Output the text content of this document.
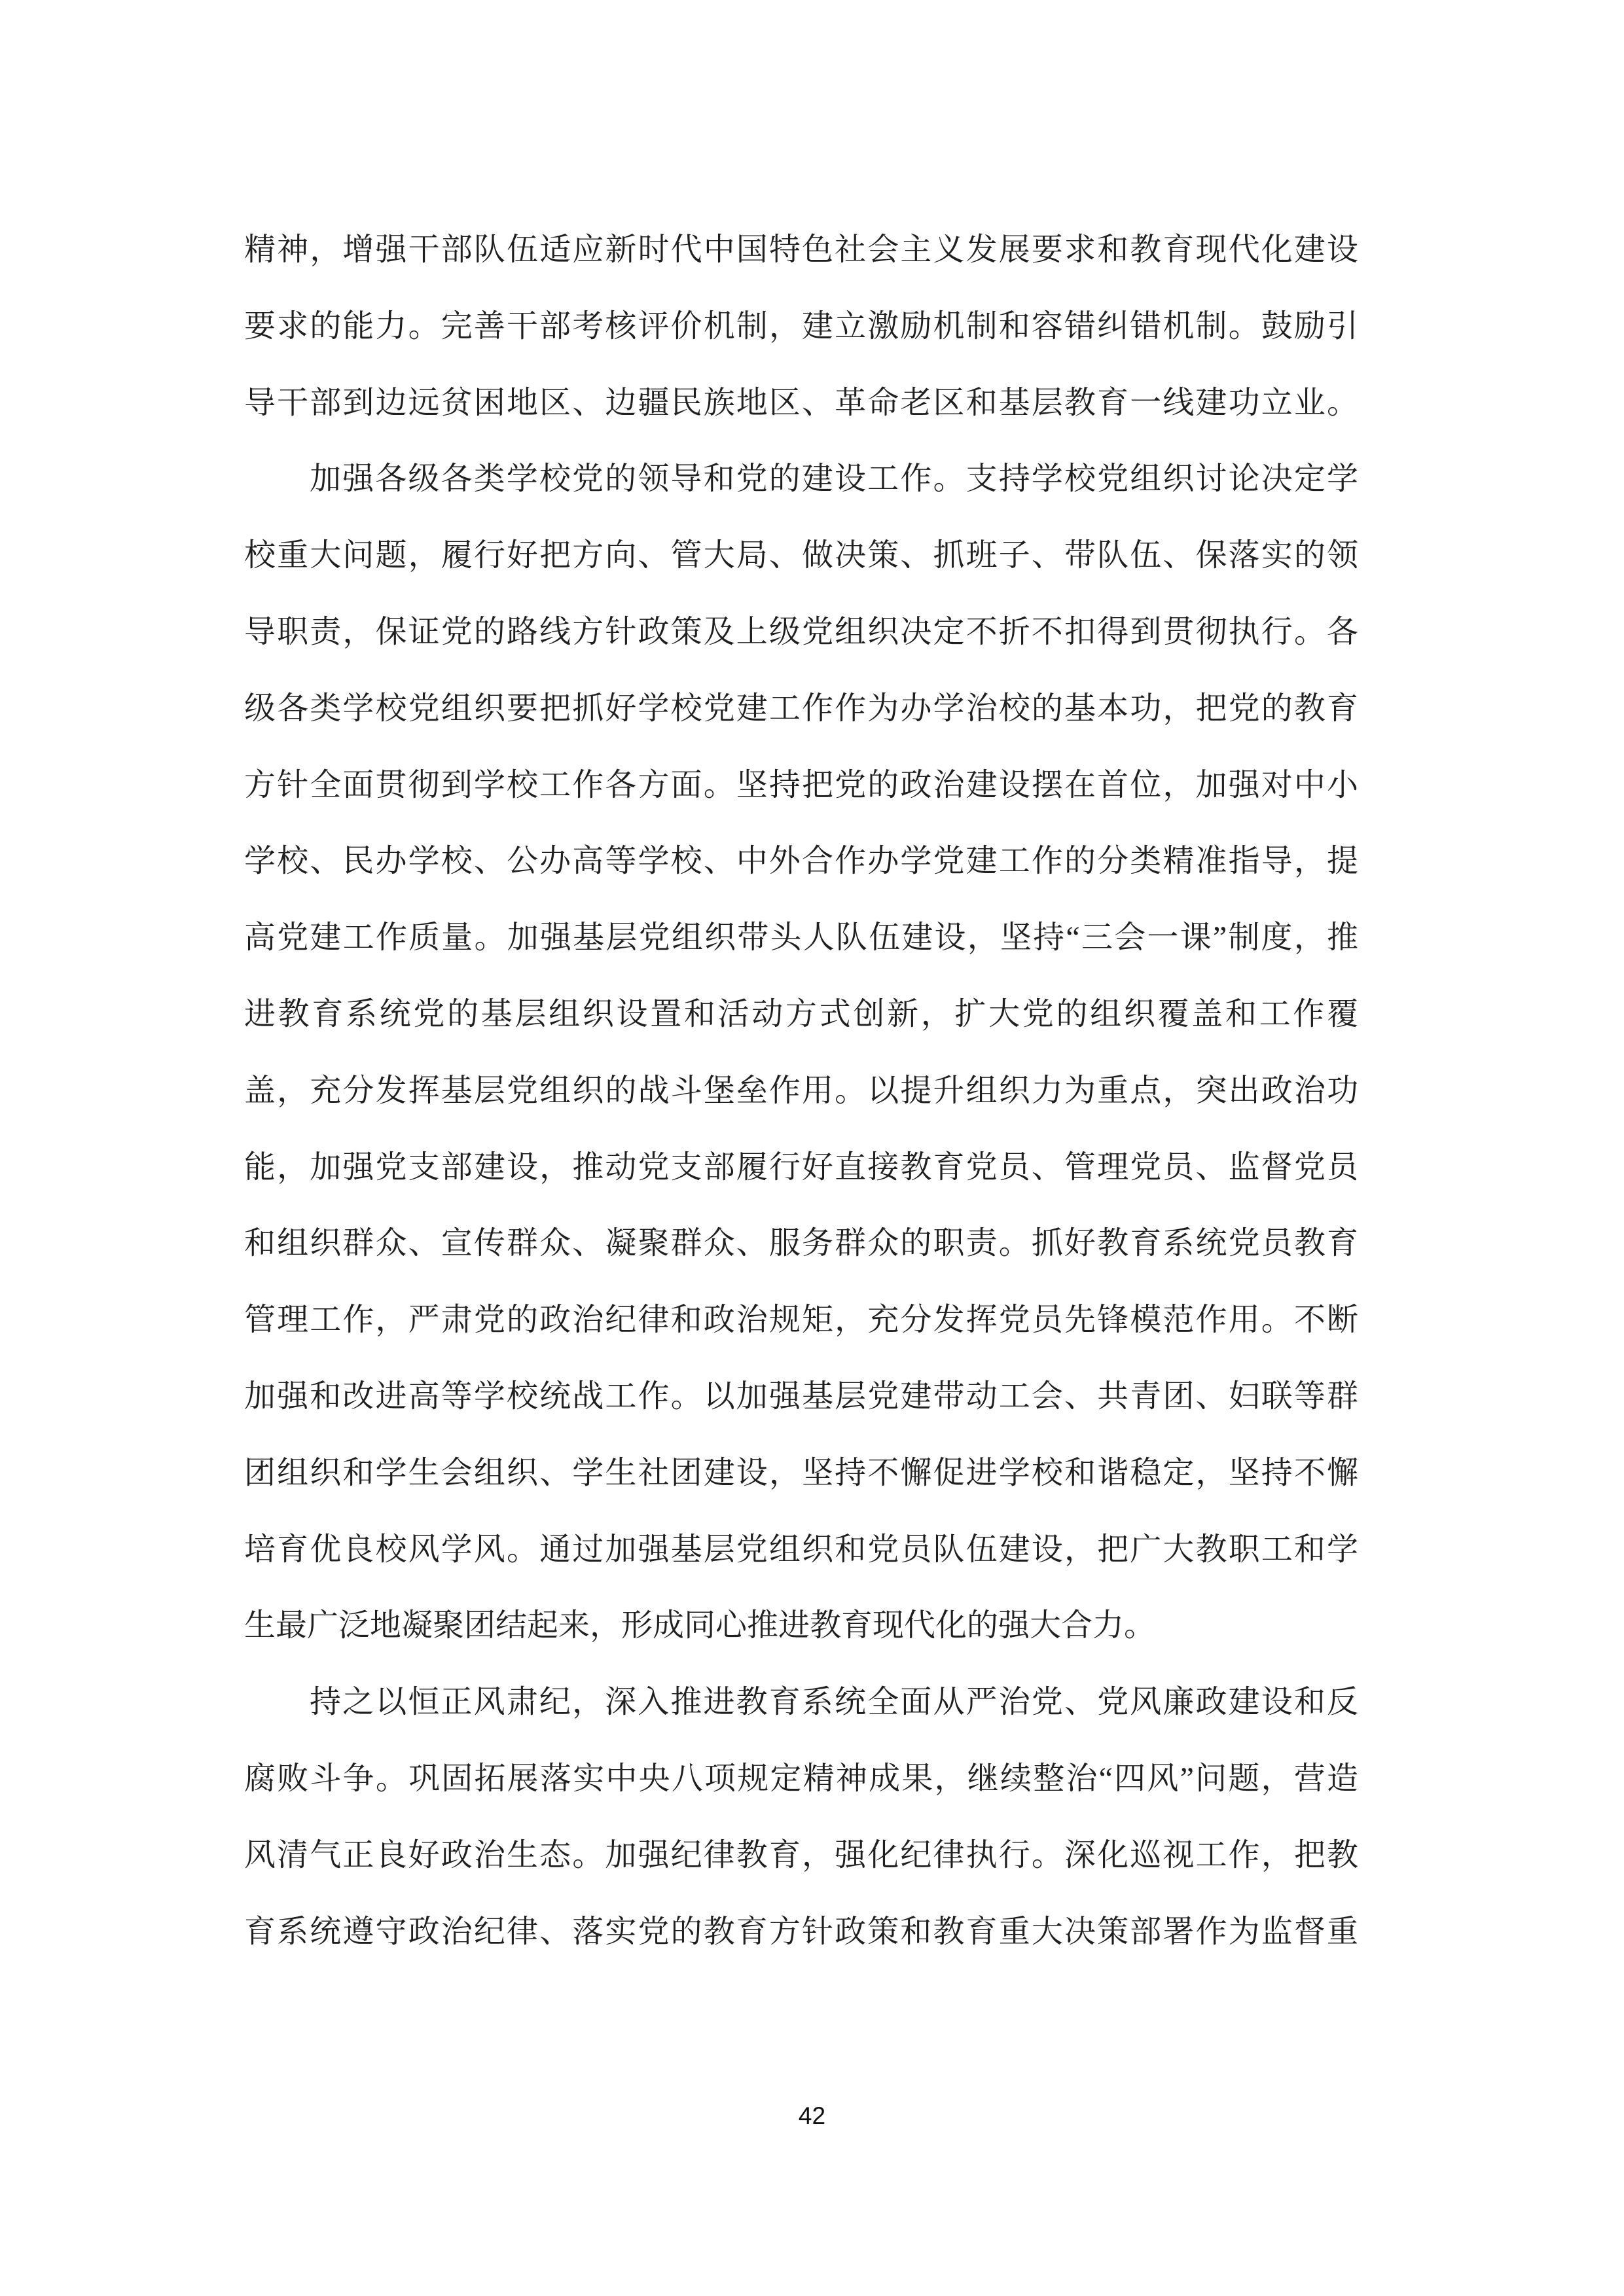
精神，增强干部队伍适应新时代中国特色社会主义发展要求和教育现代化建设
要求的能力。完善干部考核评价机制，建立激励机制和容错纠错机制。鼓励引
导干部到边远贫困地区、边疆民族地区、革命老区和基层教育一线建功立业。
加强各级各类学校党的领导和党的建设工作。支持学校党组织讨论决定学
校重大问题，履行好把方向、管大局、做决策、抓班子、带队伍、保落实的领
导职责，保证党的路线方针政策及上级党组织决定不折不扣得到贯彻执行。各
级各类学校党组织要把抓好学校党建工作作为办学治校的基本功，把党的教育
方针全面贯彻到学校工作各方面。坚持把党的政治建设摆在首位，加强对中小
学校、民办学校、公办高等学校、中外合作办学党建工作的分类精准指导，提
高党建工作质量。加强基层党组织带头人队伍建设，坚持“三会一课”制度，推
进教育系统党的基层组织设置和活动方式创新，扩大党的组织覆盖和工作覆
盖，充分发挥基层党组织的战斗堡垒作用。以提升组织力为重点，突出政治功
能，加强党支部建设，推动党支部履行好直接教育党员、管理党员、监督党员
和组织群众、宣传群众、凝聚群众、服务群众的职责。抓好教育系统党员教育
管理工作，严肃党的政治纪律和政治规矩，充分发挥党员先锋模范作用。不断
加强和改进高等学校统战工作。以加强基层党建带动工会、共青团、妇联等群
团组织和学生会组织、学生社团建设，坚持不懈促进学校和谐稳定，坚持不懈
培育优良校风学风。通过加强基层党组织和党员队伍建设，把广大教职工和学
生最广泛地凝聚团结起来，形成同心推进教育现代化的强大合力。
持之以恒正风肃纪，深入推进教育系统全面从严治党、党风廉政建设和反
腐败斗争。巩固拓展落实中央八项规定精神成果，继续整治“四风”问题，营造
风清气正良好政治生态。加强纪律教育，强化纪律执行。深化巡视工作，把教
育系统遵守政治纪律、落实党的教育方针政策和教育重大决策部署作为监督重
42
